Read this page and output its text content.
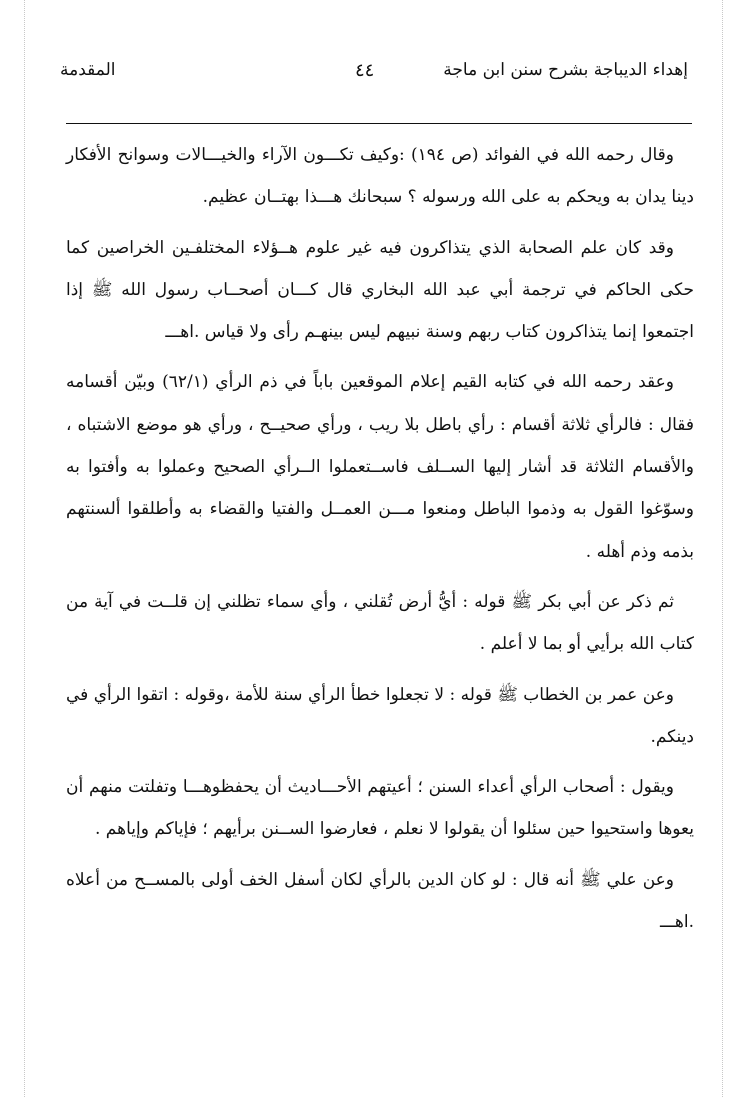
إهداء الديباجة بشرح سنن ابن ماجة
٤٤
المقدمة

وقال رحمه الله في الفوائد (ص ١٩٤) :وكيف تكـــون الآراء والخيـــالات وسوانح الأفكار دينا يدان به ويحكم به على الله ورسوله ؟ سبحانك هـــذا بهتــان عظيم.

وقد كان علم الصحابة الذي يتذاكرون فيه غير علوم هــؤلاء المختلفـين الخراصين كما حكى الحاكم في ترجمة أبي عبد الله البخاري قال كـــان أصحــاب رسول الله ﷺ إذا اجتمعوا إنما يتذاكرون كتاب ربهم وسنة نبيهم ليس بينهـم رأى ولا قياس .اهـــ

وعقد رحمه الله في كتابه القيم إعلام الموقعين باباً في ذم الرأي (٦٢/١) وبيّن أقسامه فقال : فالرأي ثلاثة أقسام : رأي باطل بلا ريب ، ورأي صحيــح ، ورأي هو موضع الاشتباه ، والأقسام الثلاثة قد أشار إليها الســلف فاســتعملوا الــرأي الصحيح وعملوا به وأفتوا به وسوّغوا القول به وذموا الباطل ومنعوا مـــن العمــل والفتيا والقضاء به وأطلقوا ألسنتهم بذمه وذم أهله .

ثم ذكر عن أبي بكر ﷺ قوله : أيُّ أرض تُقلني ، وأي سماء تظلني إن قلــت في آية من كتاب الله برأيي أو بما لا أعلم .

وعن عمر بن الخطاب ﷺ قوله : لا تجعلوا خطأ الرأي سنة للأمة ،وقوله : اتقوا الرأي في دينكم.

ويقول : أصحاب الرأي أعداء السنن ؛ أعيتهم الأحـــاديث أن يحفظوهـــا وتفلتت منهم أن يعوها واستحيوا حين سئلوا أن يقولوا لا نعلم ، فعارضوا الســنن برأيهم ؛ فإياكم وإياهم .

وعن علي ﷺ أنه قال : لو كان الدين بالرأي لكان أسفل الخف أولى بالمســح من أعلاه .اهـــ
